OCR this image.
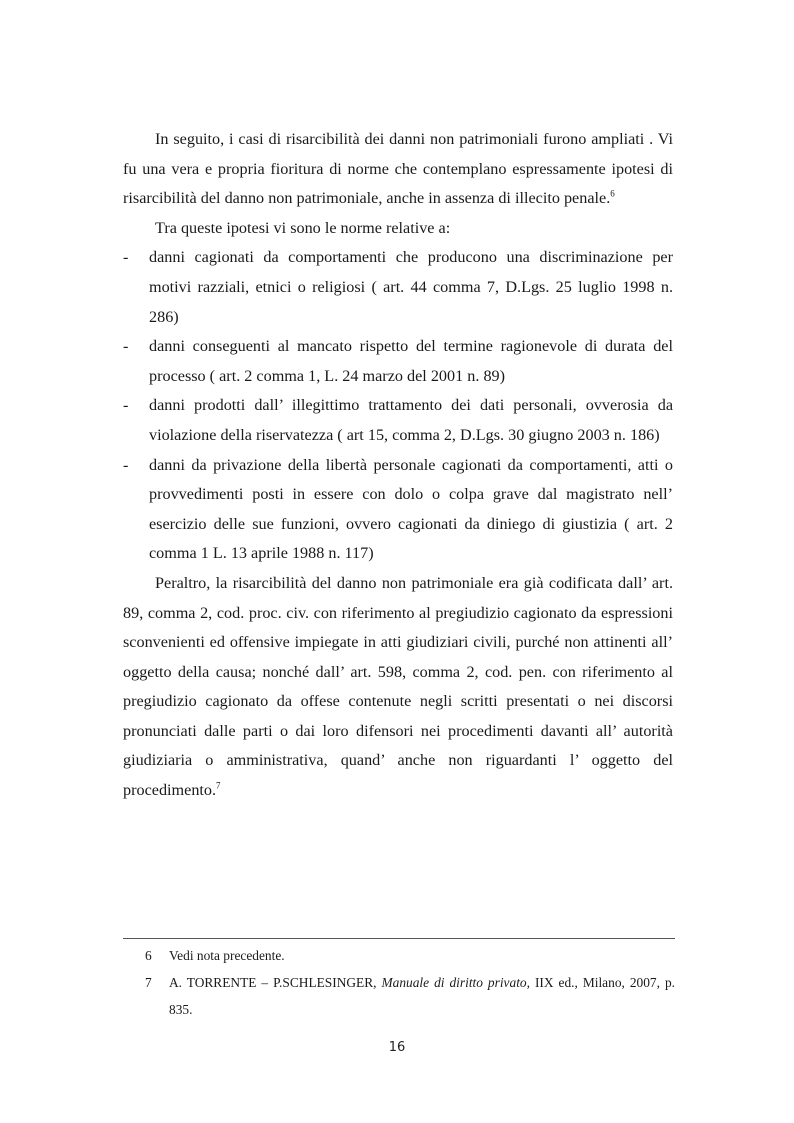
In seguito, i casi di risarcibilità dei danni non patrimoniali furono ampliati . Vi fu una vera e propria fioritura di norme che contemplano espressamente ipotesi di risarcibilità del danno non patrimoniale, anche in assenza di illecito penale.$^6$

Tra queste ipotesi vi sono le norme relative a:

- danni cagionati da comportamenti che producono una discriminazione per motivi razziali, etnici o religiosi ( art. 44 comma 7, D.Lgs. 25 luglio 1998 n. 286)
- danni conseguenti al mancato rispetto del termine ragionevole di durata del processo ( art. 2 comma 1, L. 24 marzo del 2001 n. 89)
- danni prodotti dall’ illegittimo trattamento dei dati personali, ovverosia da violazione della riservatezza ( art 15, comma 2, D.Lgs. 30 giugno 2003 n. 186)
- danni da privazione della libertà personale cagionati da comportamenti, atti o provvedimenti posti in essere con dolo o colpa grave dal magistrato nell’ esercizio delle sue funzioni, ovvero cagionati da diniego di giustizia ( art. 2 comma 1 L. 13 aprile 1988 n. 117)

Peraltro, la risarcibilità del danno non patrimoniale era già codificata dall’ art. 89, comma 2, cod. proc. civ. con riferimento al pregiudizio cagionato da espressioni sconvenienti ed offensive impiegate in atti giudiziari civili, purché non attinenti all’ oggetto della causa; nonché dall’ art. 598, comma 2, cod. pen. con riferimento al pregiudizio cagionato da offese contenute negli scritti presentati o nei discorsi pronunciati dalle parti o dai loro difensori nei procedimenti davanti all’ autorità giudiziaria o amministrativa, quand’ anche non riguardanti l’ oggetto del procedimento.$^7$

6 Vedi nota precedente.

7 A. TORRENTE – P.SCHLESINGER, Manuale di diritto privato, IIX ed., Milano, 2007, p. 835.

16
